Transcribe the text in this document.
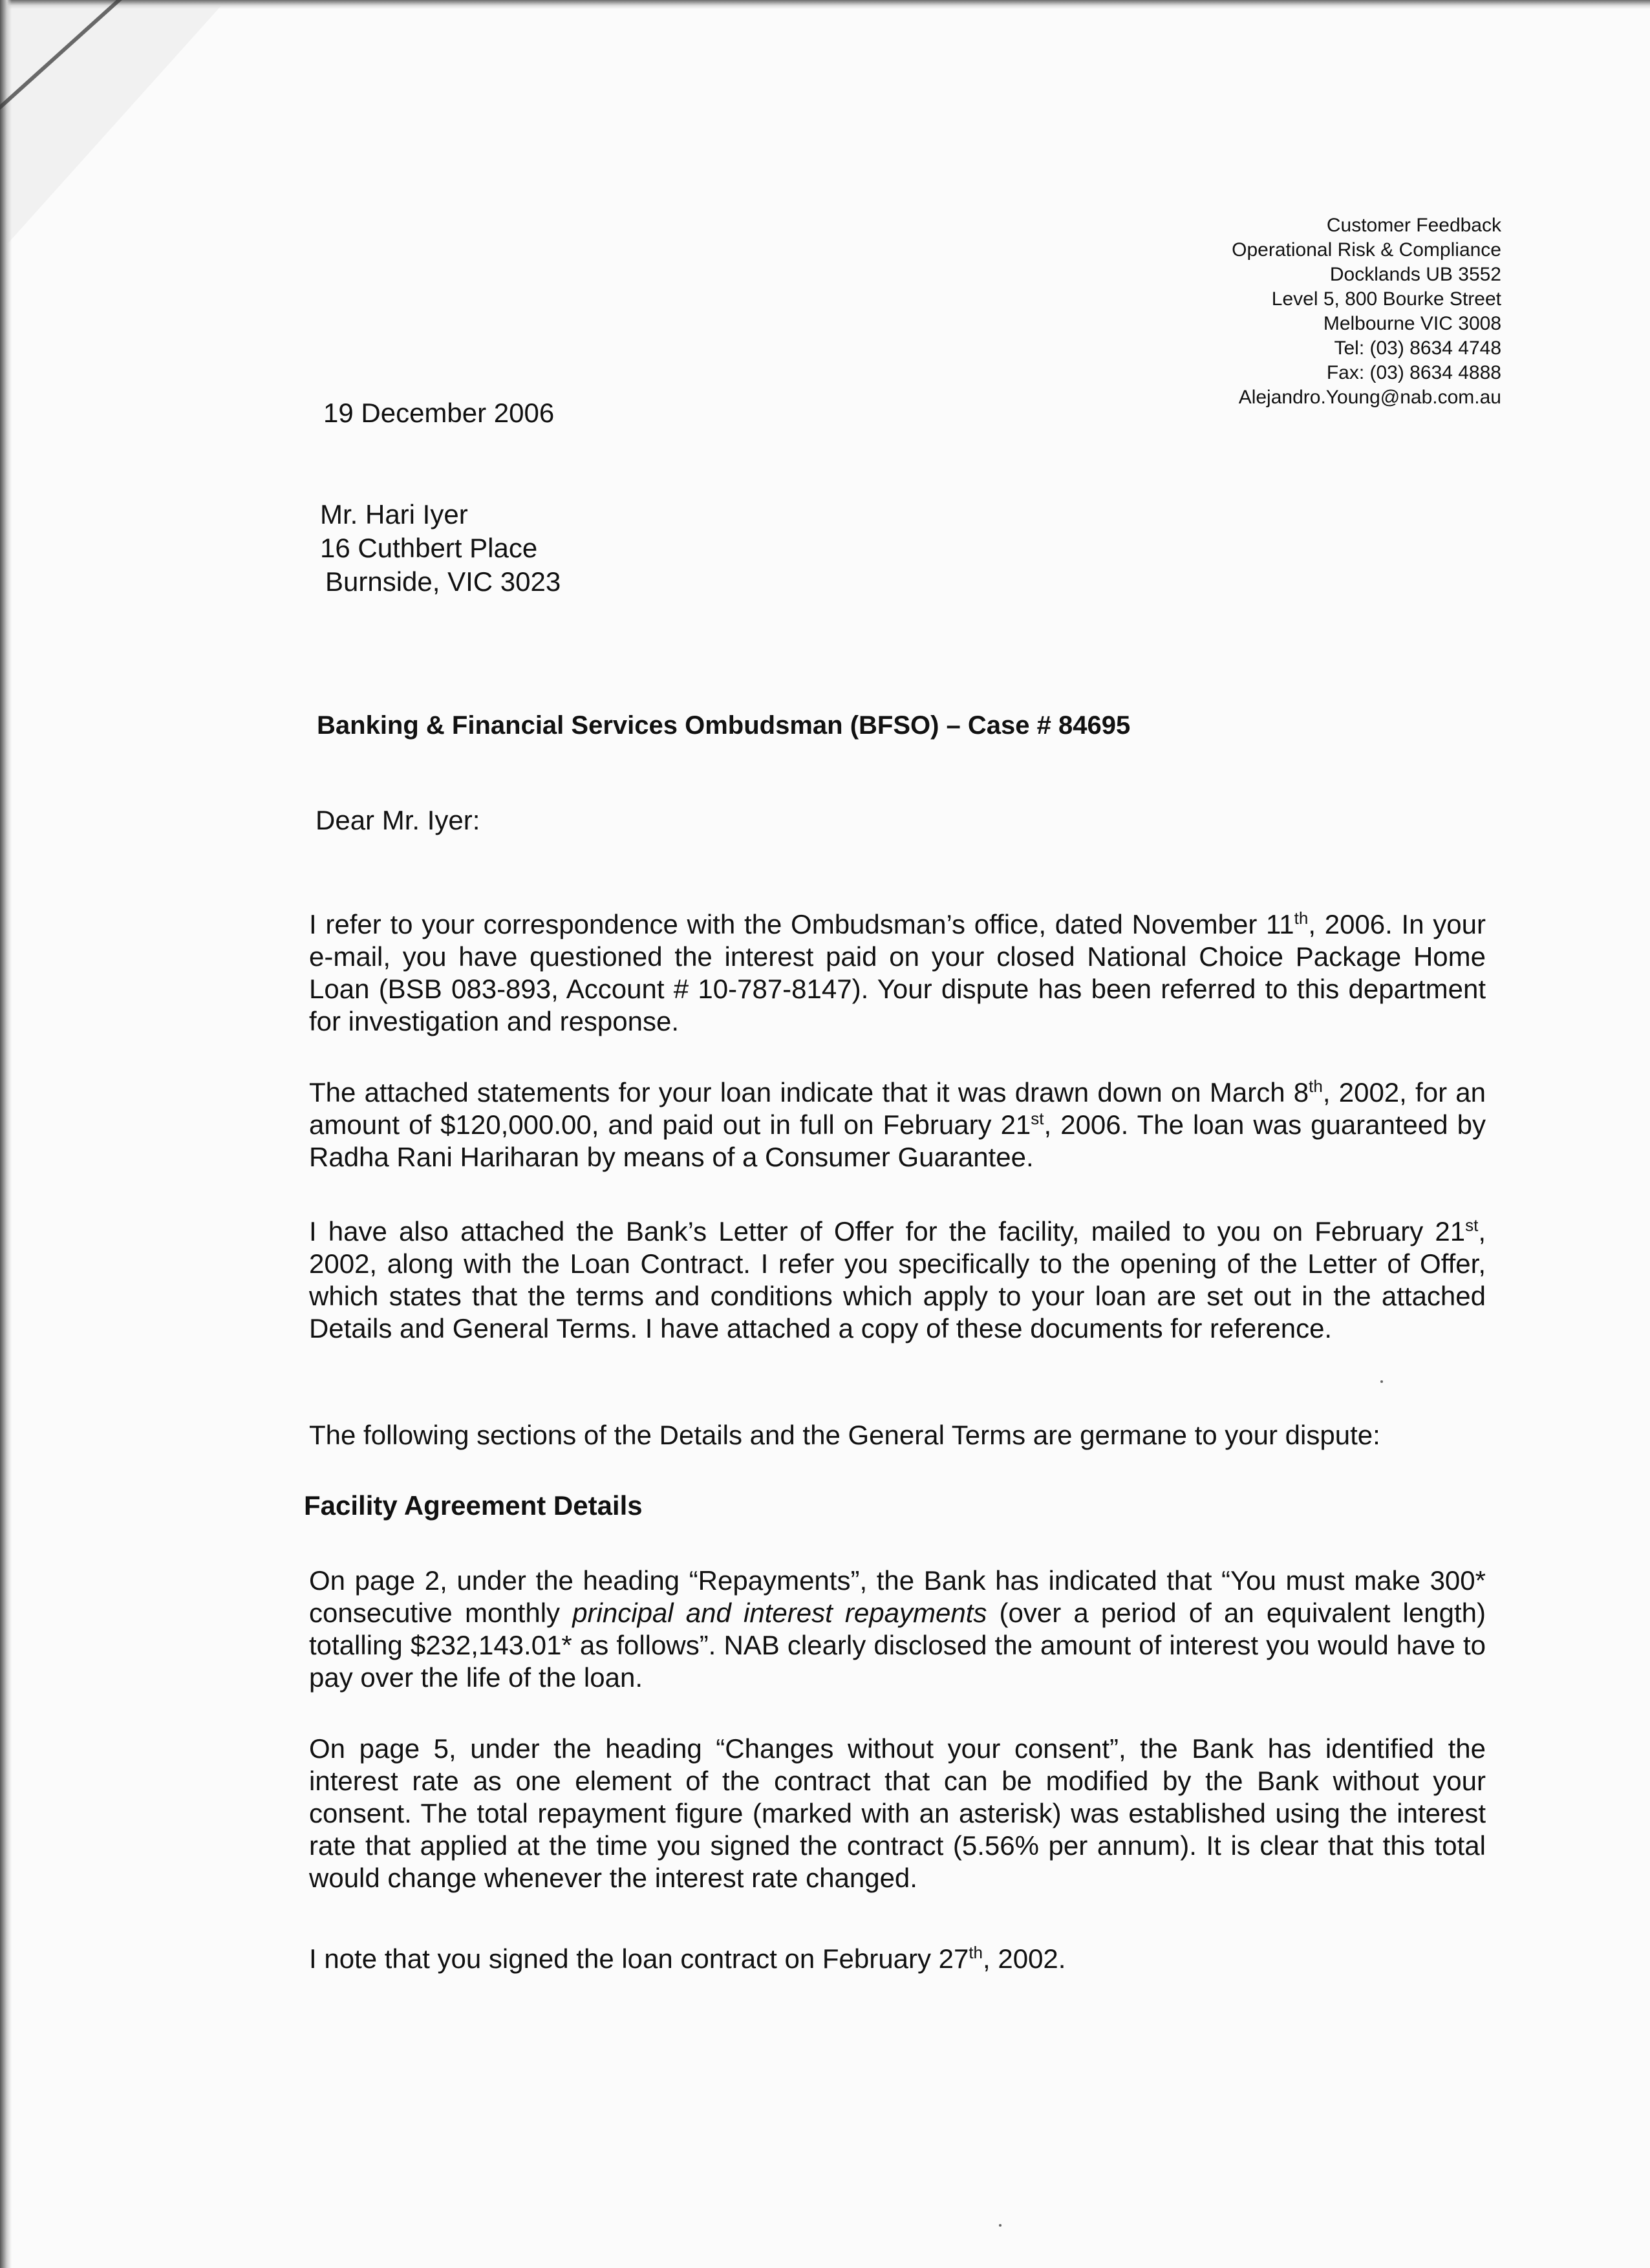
Customer Feedback
Operational Risk & Compliance
Docklands UB 3552
Level 5, 800 Bourke Street
Melbourne VIC 3008
Tel: (03) 8634 4748
Fax: (03) 8634 4888
Alejandro.Young@nab.com.au
19 December 2006
Mr. Hari Iyer
16 Cuthbert Place
Burnside, VIC 3023
Banking & Financial Services Ombudsman (BFSO) – Case # 84695
Dear Mr. Iyer:
I refer to your correspondence with the Ombudsman’s office, dated November 11th, 2006. In your e-mail, you have questioned the interest paid on your closed National Choice Package Home Loan (BSB 083-893, Account # 10-787-8147). Your dispute has been referred to this department for investigation and response.
The attached statements for your loan indicate that it was drawn down on March 8th, 2002, for an amount of $120,000.00, and paid out in full on February 21st, 2006. The loan was guaranteed by Radha Rani Hariharan by means of a Consumer Guarantee.
I have also attached the Bank’s Letter of Offer for the facility, mailed to you on February 21st, 2002, along with the Loan Contract. I refer you specifically to the opening of the Letter of Offer, which states that the terms and conditions which apply to your loan are set out in the attached Details and General Terms. I have attached a copy of these documents for reference.
The following sections of the Details and the General Terms are germane to your dispute:
Facility Agreement Details
On page 2, under the heading “Repayments”, the Bank has indicated that “You must make 300* consecutive monthly principal and interest repayments (over a period of an equivalent length) totalling $232,143.01* as follows”. NAB clearly disclosed the amount of interest you would have to pay over the life of the loan.
On page 5, under the heading “Changes without your consent”, the Bank has identified the interest rate as one element of the contract that can be modified by the Bank without your consent. The total repayment figure (marked with an asterisk) was established using the interest rate that applied at the time you signed the contract (5.56% per annum). It is clear that this total would change whenever the interest rate changed.
I note that you signed the loan contract on February 27th, 2002.
